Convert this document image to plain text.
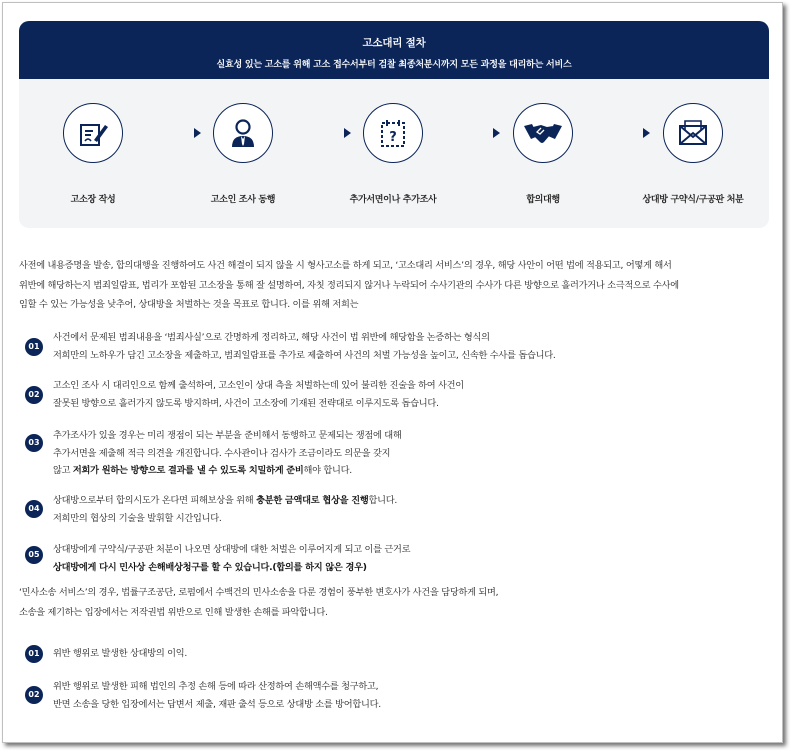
고소대리 절차
실효성 있는 고소를 위해 고소 접수서부터 검찰 최종처분시까지 모든 과정을 대리하는 서비스
고소장 작성	고소인 조사 동행
?
추가서면이나 추가조사	합의대행	상대방 구약식/구공판 처분
사전에 내용증명을 발송, 합의대행을 진행하여도 사건 해결이 되지 않을 시 형사고소를 하게 되고, ‘고소대리 서비스’의 경우, 해당 사안이 어떤 법에 적용되고, 어떻게 해서
위반에 해당하는지 범죄일람표, 법리가 포함된 고소장을 통해 잘 설명하여, 자칫 정리되지 않거나 누락되어 수사기관의 수사가 다른 방향으로 흘러가거나 소극적으로 수사에
임할 수 있는 가능성을 낮추어, 상대방을 처벌하는 것을 목표로 합니다. 이를 위해 저희는
01
사건에서 문제된 범죄내용을 ‘범죄사실’으로 간명하게 정리하고, 해당 사건이 법 위반에 해당함을 논증하는 형식의
저희만의 노하우가 담긴 고소장을 제출하고, 범죄일람표를 추가로 제출하여 사건의 처벌 가능성을 높이고, 신속한 수사를 돕습니다.
02
고소인 조사 시 대리인으로 함께 출석하여, 고소인이 상대 측을 처벌하는데 있어 불리한 진술을 하여 사건이
잘못된 방향으로 흘러가지 않도록 방지하며, 사건이 고소장에 기재된 전략대로 이루지도록 돕습니다.
03
추가조사가 있을 경우는 미리 쟁점이 되는 부분을 준비해서 동행하고 문제되는 쟁점에 대해
추가서면을 제출해 적극 의견을 개진합니다. 수사관이나 검사가 조금이라도 의문을 갖지
않고 저희가 원하는 방향으로 결과를 낼 수 있도록 치밀하게 준비해야 합니다.
04
상대방으로부터 합의시도가 온다면 피해보상을 위해 충분한 금액대로 협상을 진행합니다.
저희만의 협상의 기술을 발휘할 시간입니다.
05	상대방에게 구약식/구공판 처분이 나오면 상대방에 대한 처벌은 이루어지게 되고 이를 근거로
상대방에게 다시 민사상 손해배상청구를 할 수 있습니다.(합의를 하지 않은 경우)
‘민사소송 서비스’의 경우, 법률구조공단, 로펌에서 수백건의 민사소송을 다룬 경험이 풍부한 변호사가 사건을 담당하게 되며,
소송을 제기하는 입장에서는 저작권법 위반으로 인해 발생한 손해를 파악합니다.
01	위반 행위로 발생한 상대방의 이익.
02
위반 행위로 발생한 피해 법인의 추정 손해 등에 따라 산정하여 손해액수를 청구하고,
반면 소송을 당한 입장에서는 답변서 제출, 재판 출석 등으로 상대방 소를 방어합니다.
